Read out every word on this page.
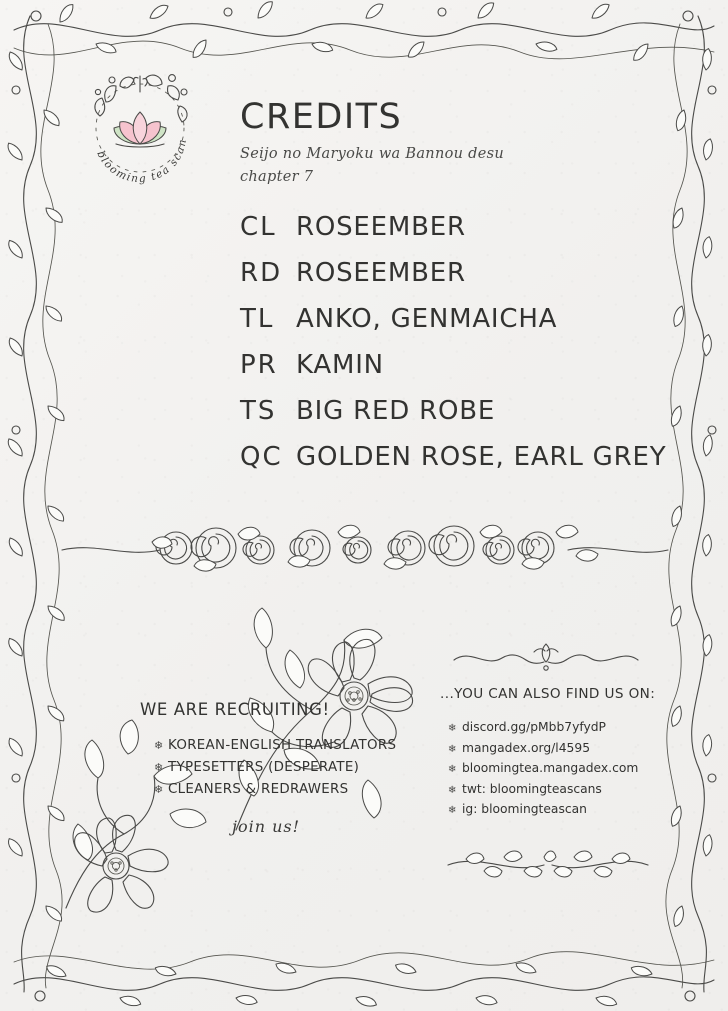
blooming tea scans
CREDITS
Seijo no Maryoku wa Bannou desu
chapter 7
CL ROSEEMBER
RD ROSEEMBER
TL ANKO, GENMAICHA
PR KAMIN
TS BIG RED ROBE
QC GOLDEN ROSE, EARL GREY
WE ARE RECRUITING!
❄ KOREAN-ENGLISH TRANSLATORS
❄ TYPESETTERS (DESPERATE)
❄ CLEANERS & REDRAWERS
join us!
...YOU CAN ALSO FIND US ON:
❄ discord.gg/pMbb7yfydP
❄ mangadex.org/l4595
❄ bloomingtea.mangadex.com
❄ twt: bloomingteascans
❄ ig: bloomingteascan
